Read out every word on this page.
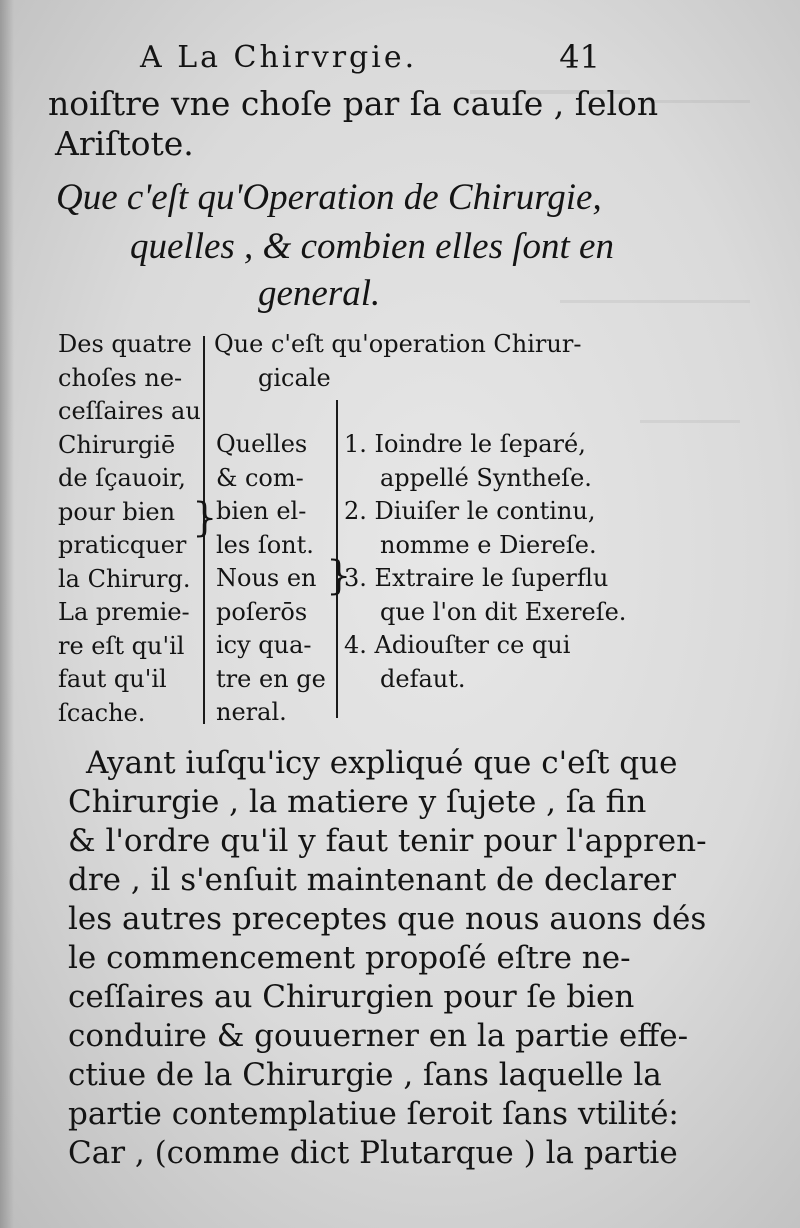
A La Chirvrgie.	41
noiſtre vne choſe par ſa cauſe , ſelon
Ariſtote.
Que c'eſt qu'Operation de Chirurgie,
quelles , & combien elles ſont en
general.
Des quatre
choſes ne-
ceſſaires au
Chirurgiē
de ſçauoir,
pour bien
praticquer
la Chirurg.
La premie-
re eſt qu'il
faut qu'il
ſcache.
}
Que c'eſt qu'operation Chirur-
gicale
Quelles
& com-
bien el-
les ſont.
Nous en
poſerōs
icy qua-
tre en ge
neral.
}
1. Ioindre le ſeparé,
appellé Syntheſe.
2. Diuiſer le continu,
nomme e Diereſe.
3. Extraire le ſuperflu
que l'on dit Exereſe.
4. Adiouſter ce qui
defaut.
Ayant iuſqu'icy expliqué que c'eſt que
Chirurgie , la matiere y ſujete , ſa fin
& l'ordre qu'il y faut tenir pour l'appren-
dre , il s'enſuit maintenant de declarer
les autres preceptes que nous auons dés
le commencement propoſé eſtre ne-
ceſſaires au Chirurgien pour ſe bien
conduire & gouuerner en la partie effe-
ctiue de la Chirurgie , ſans laquelle la
partie contemplatiue ſeroit ſans vtilité:
Car , (comme dict Plutarque ) la partie
